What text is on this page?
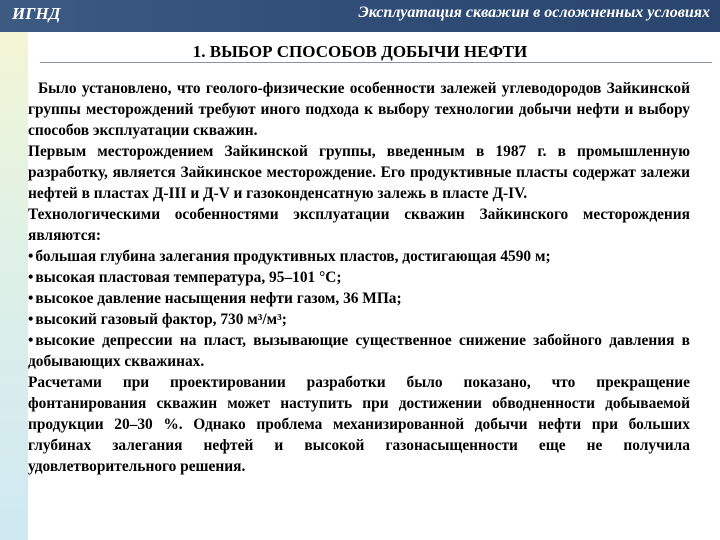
ИГНД	Эксплуатация скважин в осложненных условиях
1. ВЫБОР СПОСОБОВ ДОБЫЧИ НЕФТИ

Было установлено, что геолого-физические особенности залежей углеводородов Зайкинской группы месторождений требуют иного подхода к выбору технологии добычи нефти и выбору способов эксплуатации скважин.

Первым месторождением Зайкинской группы, введенным в 1987 г. в промышленную разработку, является Зайкинское месторождение. Его продуктивные пласты содержат залежи нефтей в пластах Д-III и Д-V и газоконденсатную залежь в пласте Д-IV.

Технологическими особенностями эксплуатации скважин Зайкинского месторождения являются:

• большая глубина залегания продуктивных пластов, достигающая 4590 м;
• высокая пластовая температура, 95–101 °С;
• высокое давление насыщения нефти газом, 36 МПа;
• высокий газовый фактор, 730 м³/м³;
• высокие депрессии на пласт, вызывающие существенное снижение забойного давления в добывающих скважинах.

Расчетами при проектировании разработки было показано, что прекращение фонтанирования скважин может наступить при достижении обводненности добываемой продукции 20–30 %. Однако проблема механизированной добычи нефти при больших глубинах залегания нефтей и высокой газонасыщенности еще не получила удовлетворительного решения.
